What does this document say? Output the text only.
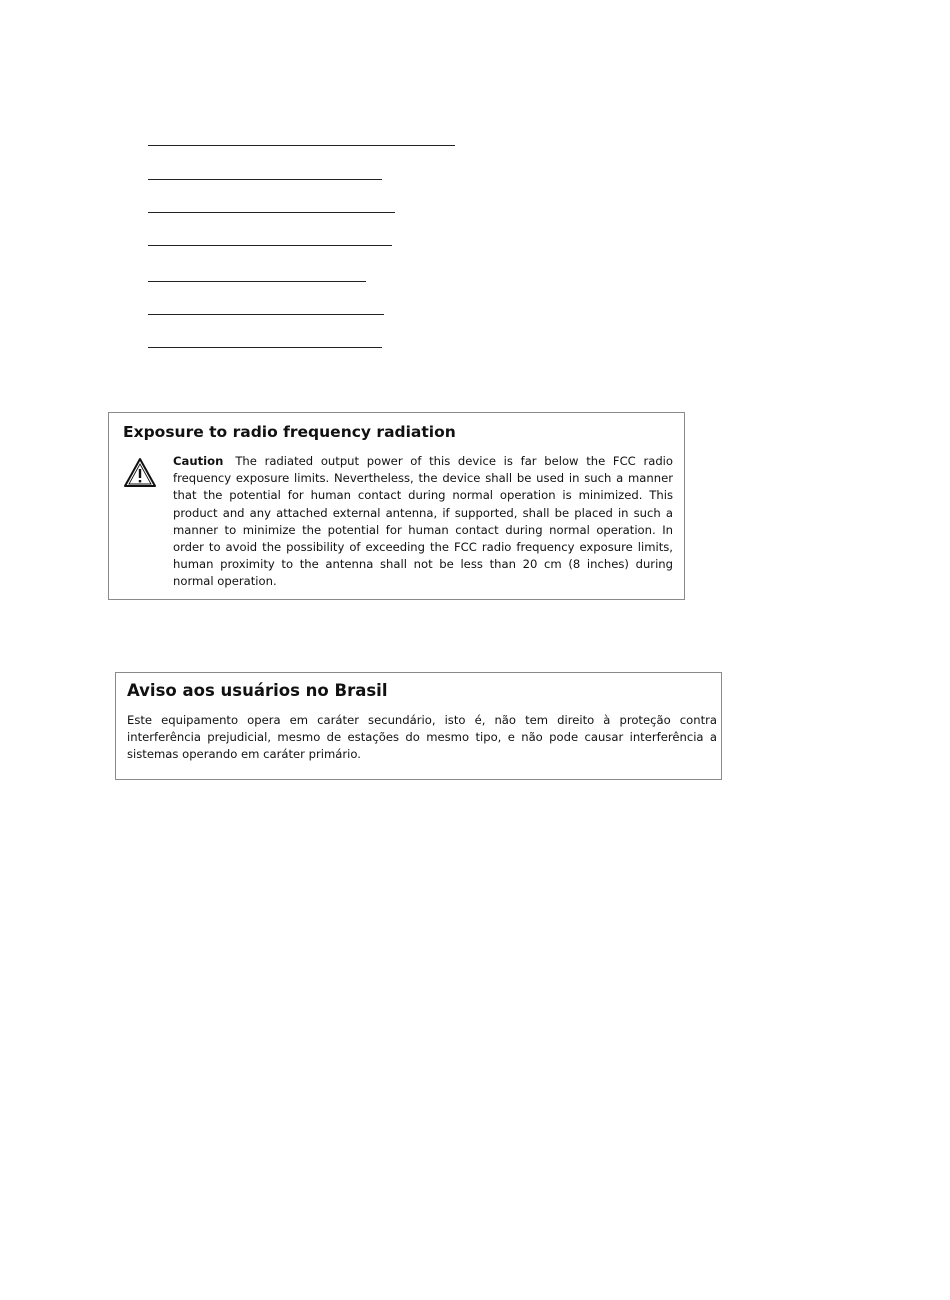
Exposure to radio frequency radiation

Caution The radiated output power of this device is far below the FCC radio frequency exposure limits. Nevertheless, the device shall be used in such a manner that the potential for human contact during normal operation is minimized. This product and any attached external antenna, if supported, shall be placed in such a manner to minimize the potential for human contact during normal operation. In order to avoid the possibility of exceeding the FCC radio frequency exposure limits, human proximity to the antenna shall not be less than 20 cm (8 inches) during normal operation.

Aviso aos usuários no Brasil

Este equipamento opera em caráter secundário, isto é, não tem direito à proteção contra interferência prejudicial, mesmo de estações do mesmo tipo, e não pode causar interferência a sistemas operando em caráter primário.
